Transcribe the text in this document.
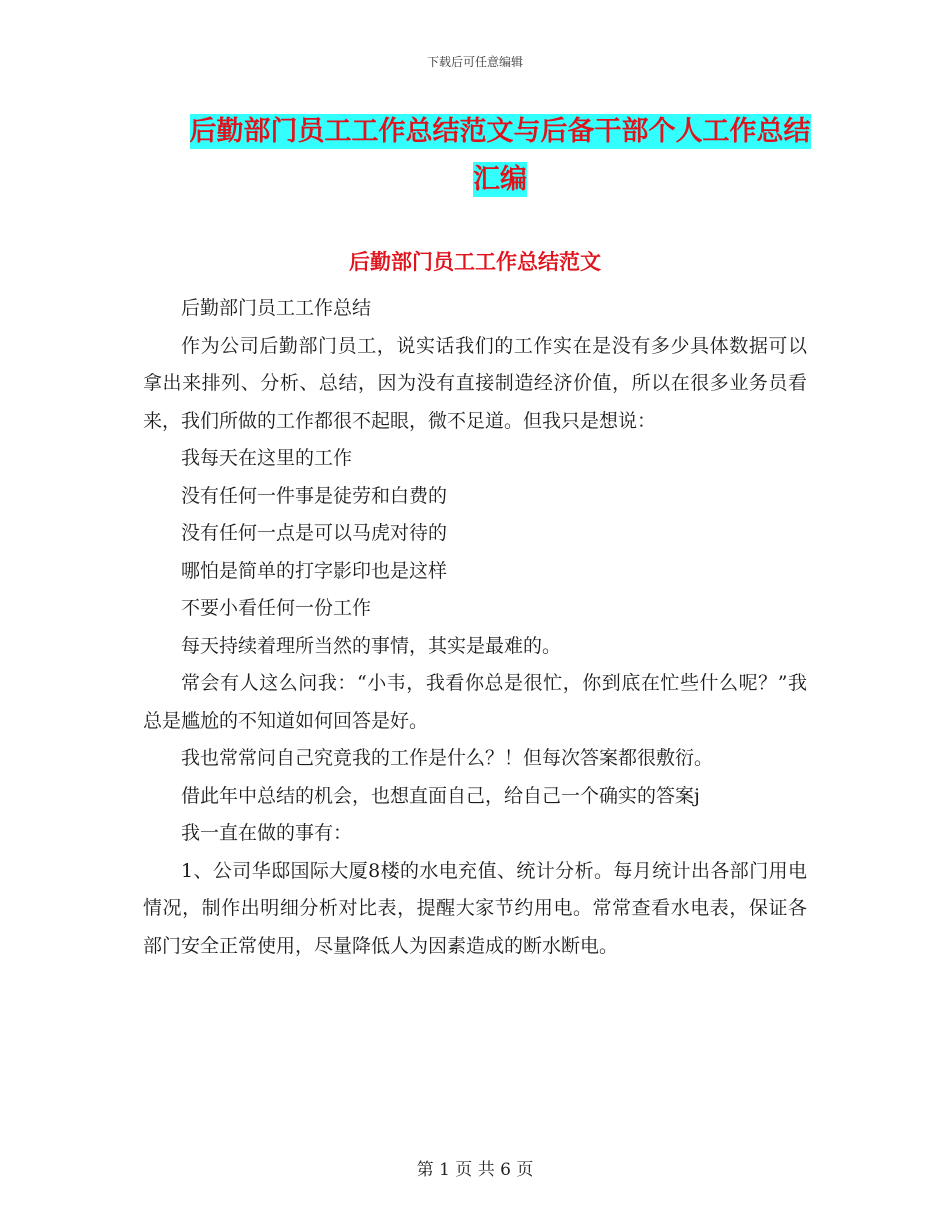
下载后可任意编辑
后勤部门员工工作总结范文与后备干部个人工作总结
汇编
后勤部门员工工作总结范文

后勤部门员工工作总结

作为公司后勤部门员工，说实话我们的工作实在是没有多少具体数据可以拿出来排列、分析、总结，因为没有直接制造经济价值，所以在很多业务员看来，我们所做的工作都很不起眼，微不足道。但我只是想说：

我每天在这里的工作

没有任何一件事是徒劳和白费的

没有任何一点是可以马虎对待的

哪怕是简单的打字影印也是这样

不要小看任何一份工作

每天持续着理所当然的事情，其实是最难的。

常会有人这么问我：“小韦，我看你总是很忙，你到底在忙些什么呢？”我总是尴尬的不知道如何回答是好。

我也常常问自己究竟我的工作是什么？！但每次答案都很敷衍。

借此年中总结的机会，也想直面自己，给自己一个确实的答案j

我一直在做的事有：

1、公司华邸国际大厦8楼的水电充值、统计分析。每月统计出各部门用电情况，制作出明细分析对比表，提醒大家节约用电。常常查看水电表，保证各部门安全正常使用，尽量降低人为因素造成的断水断电。

第 1 页 共 6 页
